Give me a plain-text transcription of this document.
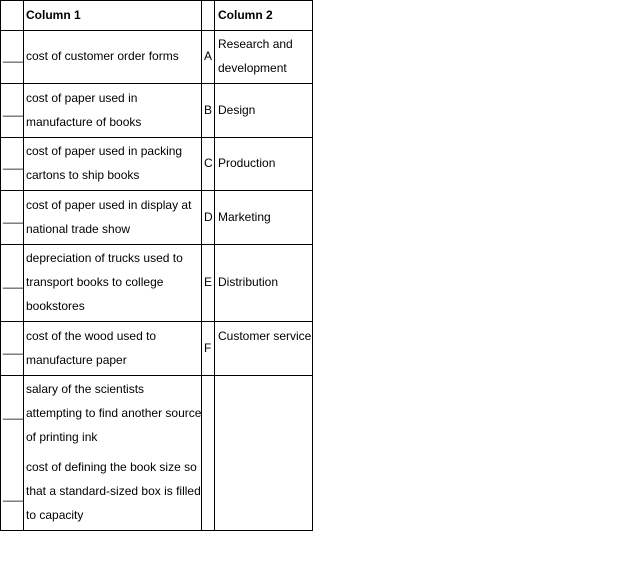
Column 1	Column 2
___ cost of customer order forms	A
Research and development
___
cost of paper used in manufacture of books
B Design
___
cost of paper used in packing cartons to ship books
C Production
___
cost of paper used in display at national trade show
D Marketing
___
depreciation of trucks used to transport books to college bookstores
E Distribution
___
cost of the wood used to manufacture paper
F
Customer service
___
salary of the scientists attempting to find another source of printing ink
___
cost of defining the book size so that a standard-sized box is filled to capacity
